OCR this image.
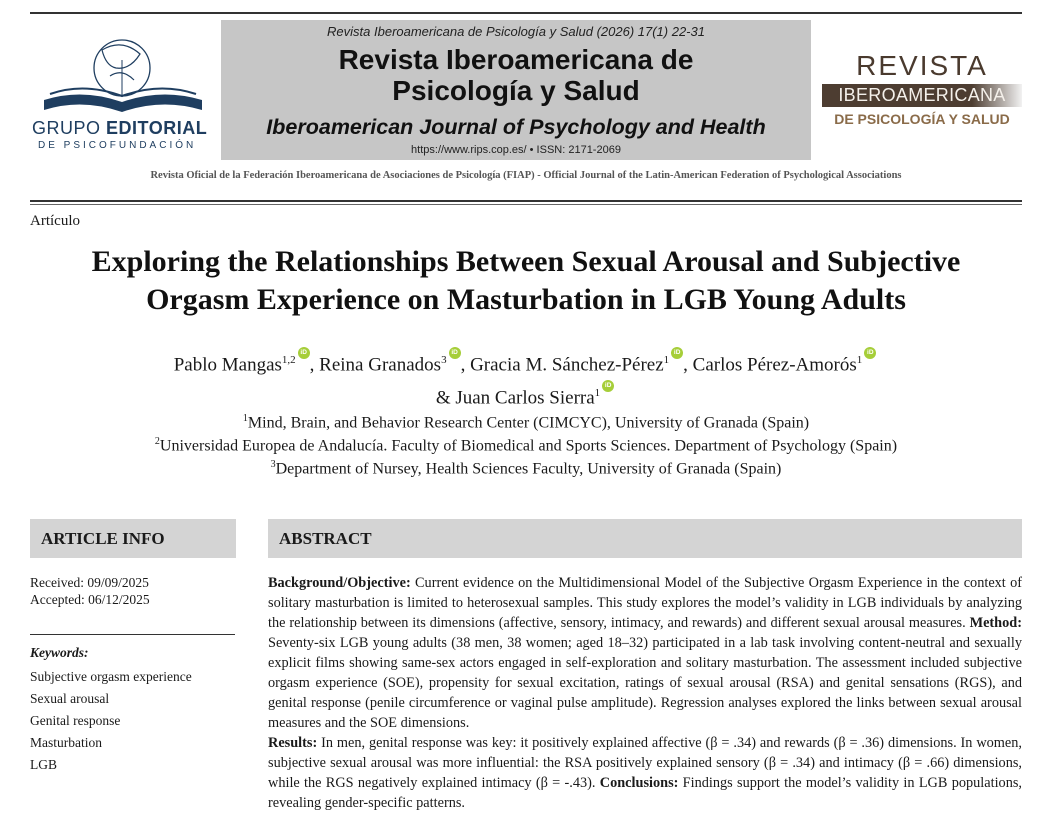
GRUPO EDITORIAL
DE PSICOFUNDACIÓN
Revista Iberoamericana de Psicología y Salud (2026) 17(1) 22-31
Revista Iberoamericana de
Psicología y Salud
Iberoamerican Journal of Psychology and Health
https://www.rips.cop.es/ • ISSN: 2171-2069
REVISTA
IBEROAMERICANA
DE PSICOLOGÍA Y SALUD
Revista Oficial de la Federación Iberoamericana de Asociaciones de Psicología (FIAP) - Official Journal of the Latin-American Federation of Psychological Associations
Artículo
Exploring the Relationships Between Sexual Arousal and Subjective
Orgasm Experience on Masturbation in LGB Young Adults
Pablo Mangas$^{1,2}$iD, Reina Granados$^3$iD, Gracia M. Sánchez-Pérez$^1$iD, Carlos Pérez-Amorós$^1$iD
& Juan Carlos Sierra$^1$iD
$^1$Mind, Brain, and Behavior Research Center (CIMCYC), University of Granada (Spain)
$^2$Universidad Europea de Andalucía. Faculty of Biomedical and Sports Sciences. Department of Psychology (Spain)
$^3$Department of Nursey, Health Sciences Faculty, University of Granada (Spain)
ARTICLE INFO	ABSTRACT
Received: 09/09/2025
Accepted: 06/12/2025
Keywords:
Subjective orgasm experience
Sexual arousal
Genital response
Masturbation
LGB
Background/Objective: Current evidence on the Multidimensional Model of the Subjective Orgasm Experience in the context of solitary masturbation is limited to heterosexual samples. This study explores the model’s validity in LGB individuals by analyzing the relationship between its dimensions (affective, sensory, intimacy, and rewards) and different sexual arousal measures. Method: Seventy-six LGB young adults (38 men, 38 women; aged 18–32) participated in a lab task involving content-neutral and sexually explicit films showing same-sex actors engaged in self-exploration and solitary masturbation. The assessment included subjective orgasm experience (SOE), propensity for sexual excitation, ratings of sexual arousal (RSA) and genital sensations (RGS), and genital response (penile circumference or vaginal pulse amplitude). Regression analyses explored the links between sexual arousal measures and the SOE dimensions.
Results: In men, genital response was key: it positively explained affective (β = .34) and rewards (β = .36) dimensions. In women, subjective sexual arousal was more influential: the RSA positively explained sensory (β = .34) and intimacy (β = .66) dimensions, while the RGS negatively explained intimacy (β = -.43). Conclusions: Findings support the model’s validity in LGB populations, revealing gender-specific patterns.
